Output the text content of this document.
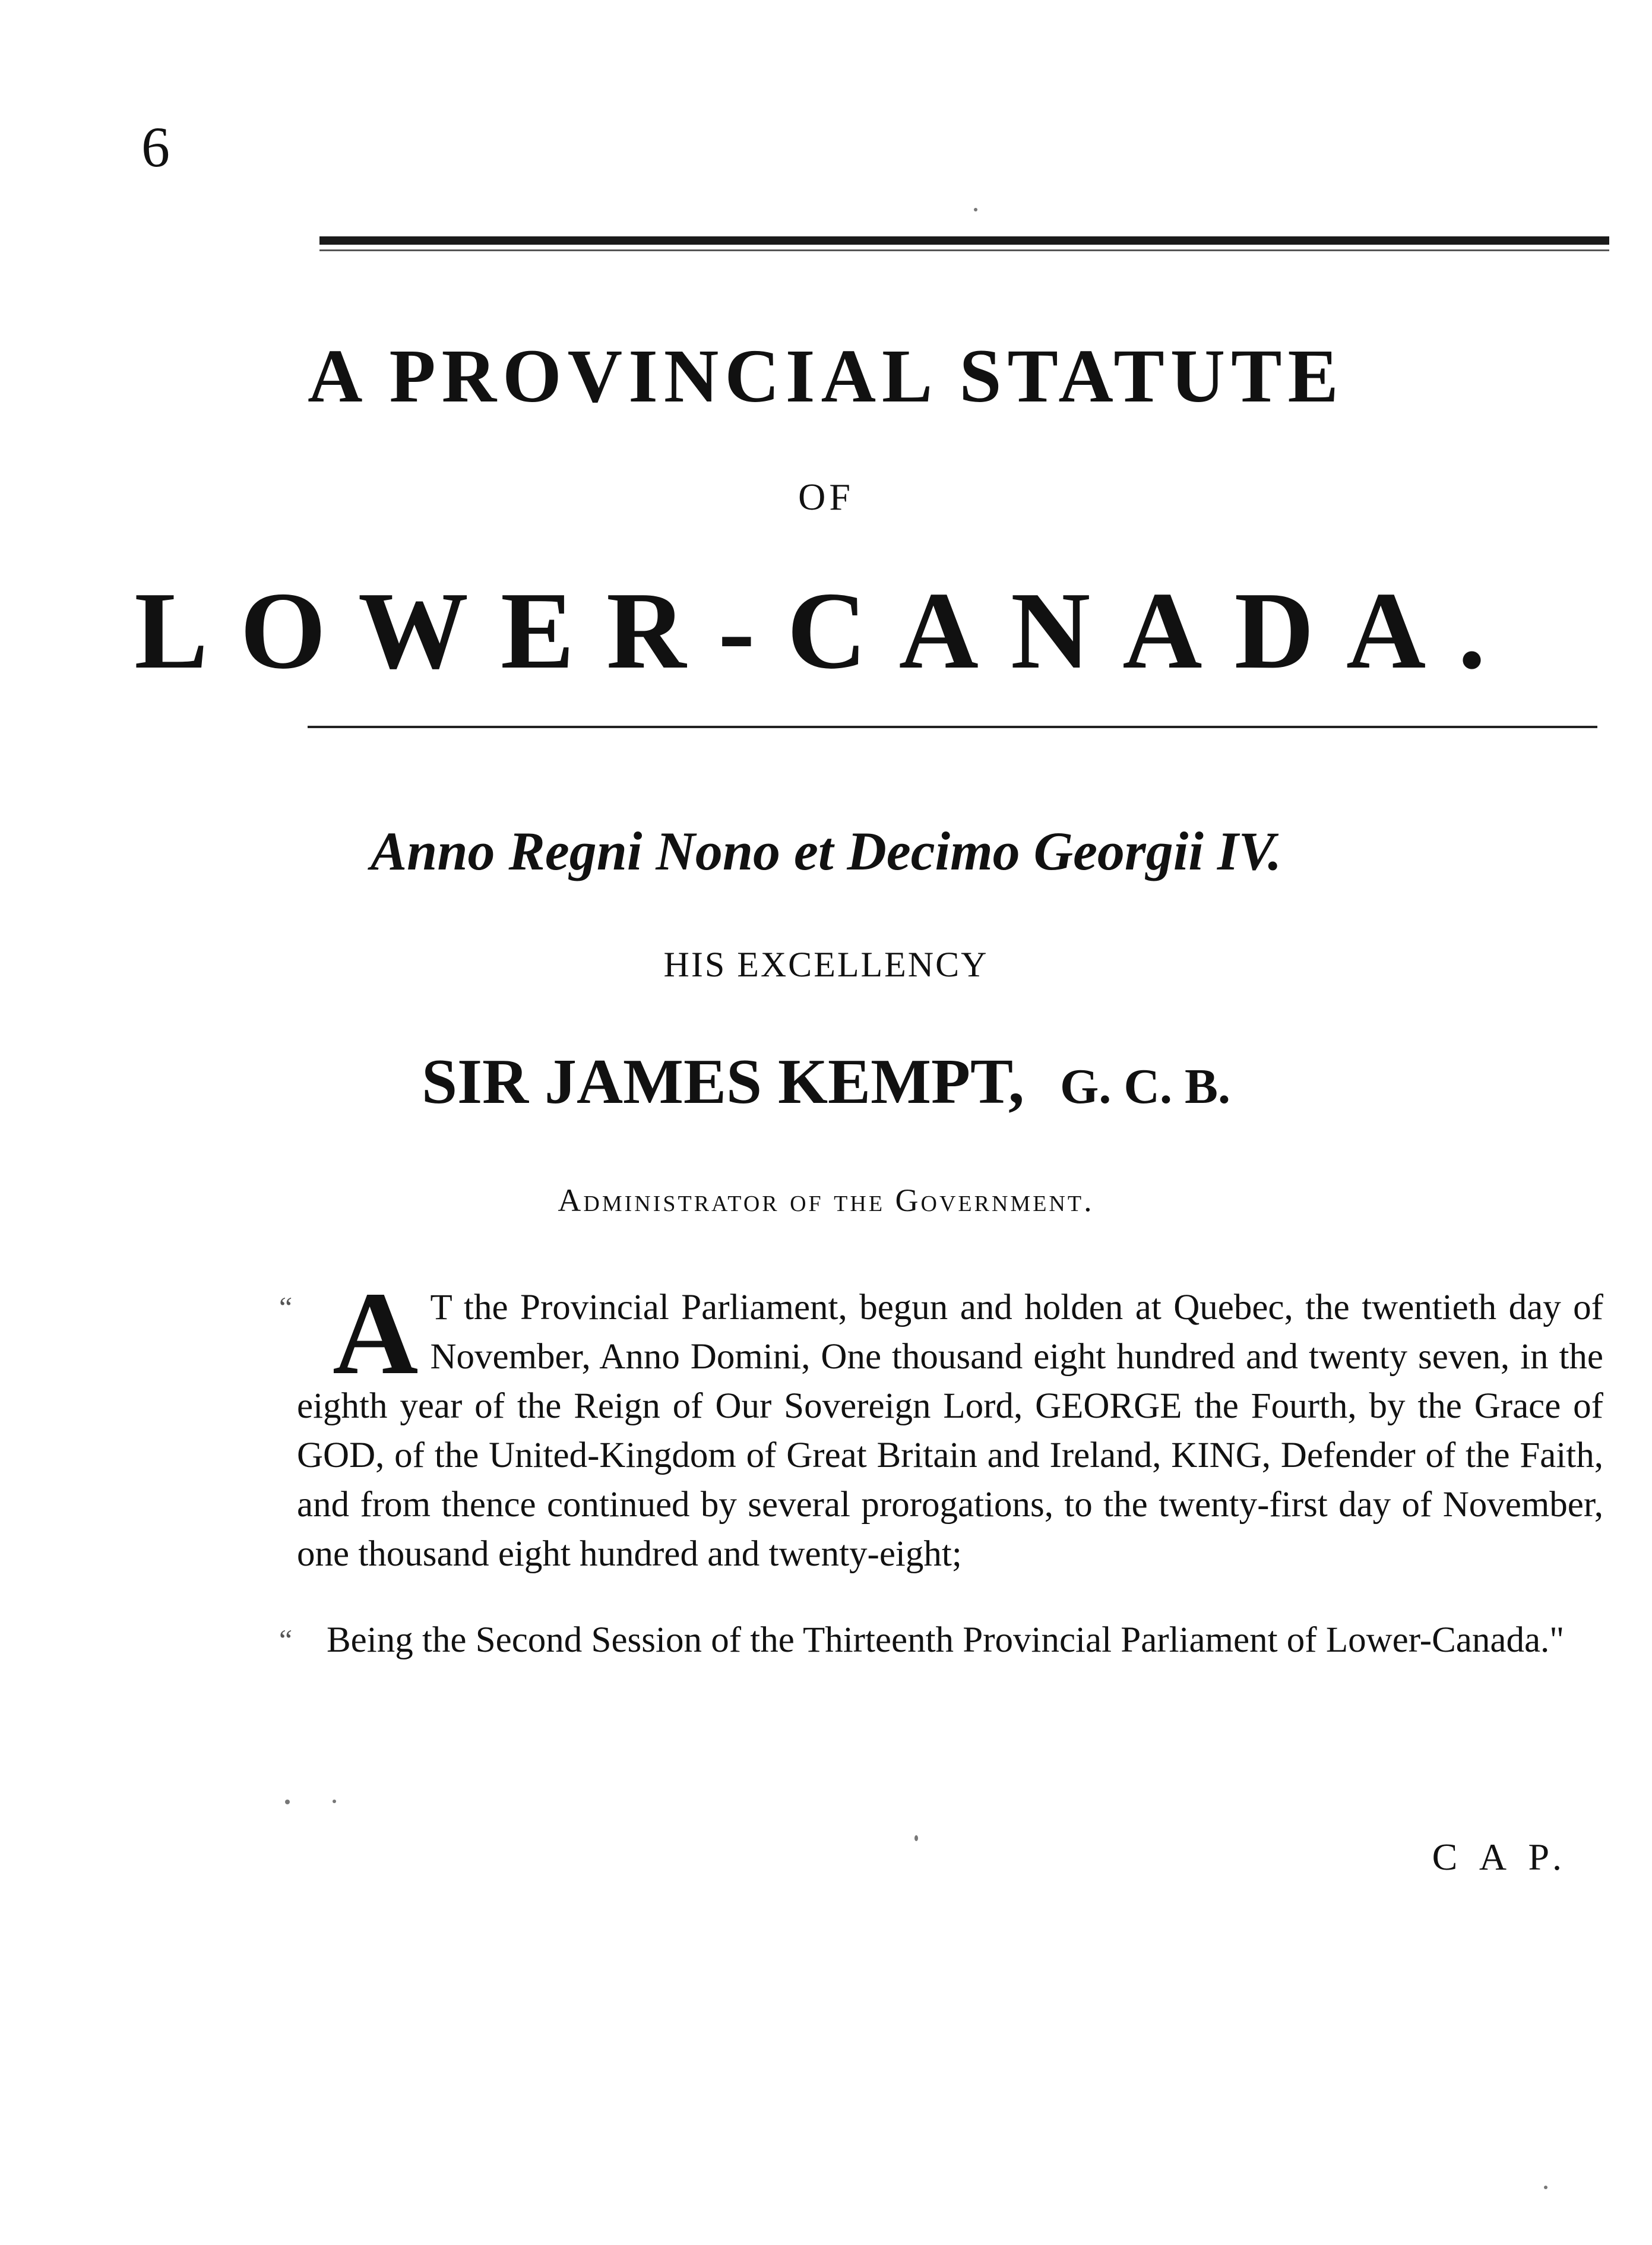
6
A PROVINCIAL STATUTE
OF
LOWER-CANADA.
Anno Regni Nono et Decimo Georgii IV.
HIS EXCELLENCY
SIR JAMES KEMPT, G. C. B.
Administrator of the Government.
“ A T the Provincial Parliament, begun and holden at Quebec, the twentieth day of November, Anno Domini, One thousand eight hundred and twenty seven, in the eighth year of the Reign of Our Sovereign Lord, GEORGE the Fourth, by the Grace of GOD, of the United-Kingdom of Great Britain and Ireland, KING, Defender of the Faith, and from thence continued by several prorogations, to the twenty-first day of November, one thousand eight hundred and twenty-eight;
“ Being the Second Session of the Thirteenth Provincial Parliament of Lower-Canada."
C A P.
